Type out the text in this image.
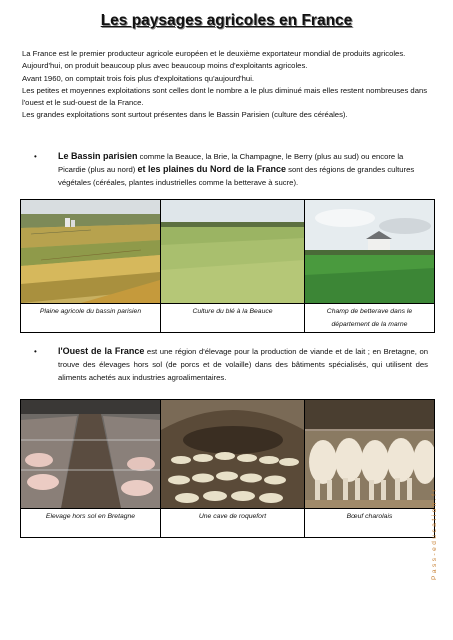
Les paysages agricoles en France

La France est le premier producteur agricole européen et le deuxième exportateur mondial de produits agricoles.

Aujourd'hui, on produit beaucoup plus avec beaucoup moins d'exploitants agricoles.

Avant 1960, on comptait trois fois plus d'exploitations qu'aujourd'hui.

Les petites et moyennes exploitations sont celles dont le nombre a le plus diminué mais elles restent nombreuses dans l'ouest et le sud-ouest de la France.

Les grandes exploitations sont surtout présentes dans le Bassin Parisien (culture des céréales).

• Le Bassin parisien comme la Beauce, la Brie, la Champagne, le Berry (plus au sud) ou encore la Picardie (plus au nord) et les plaines du Nord de la France sont des régions de grandes cultures végétales (céréales, plantes industrielles comme la betterave à sucre).

Plaine agricole du bassin parisien	Culture du blé à la Beauce	Champ de betterave dans le département de la marne
• l'Ouest de la France est une région d'élevage pour la production de viande et de lait ; en Bretagne, on trouve des élevages hors sol (de porcs et de volaille) dans des bâtiments spécialisés, qui utilisent des aliments achetés aux industries agroalimentaires.

Elevage hors sol en Bretagne	Une cave de roquefort	Bœuf charolais	Pass-education.fr
